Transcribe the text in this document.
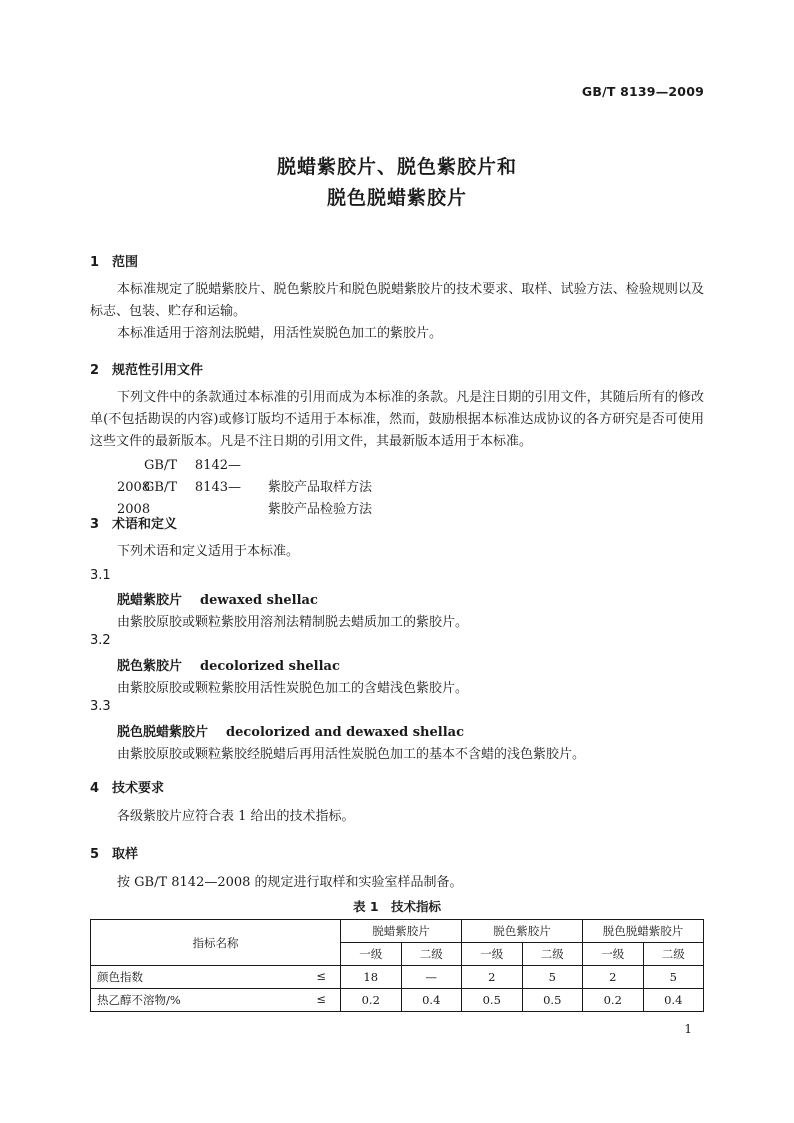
GB/T 8139—2009
脱蜡紫胶片、脱色紫胶片和
脱色脱蜡紫胶片
1 范围
本标准规定了脱蜡紫胶片、脱色紫胶片和脱色脱蜡紫胶片的技术要求、取样、试验方法、检验规则以及标志、包装、贮存和运输。
本标准适用于溶剂法脱蜡，用活性炭脱色加工的紫胶片。
2 规范性引用文件
下列文件中的条款通过本标准的引用而成为本标准的条款。凡是注日期的引用文件，其随后所有的修改单(不包括勘误的内容)或修订版均不适用于本标准，然而，鼓励根据本标准达成协议的各方研究是否可使用这些文件的最新版本。凡是不注日期的引用文件，其最新版本适用于本标准。
GB/T 8142—2008	紫胶产品取样方法
GB/T 8143—2008	紫胶产品检验方法
3 术语和定义
下列术语和定义适用于本标准。
3.1
脱蜡紫胶片 dewaxed shellac
由紫胶原胶或颗粒紫胶用溶剂法精制脱去蜡质加工的紫胶片。
3.2
脱色紫胶片 decolorized shellac
由紫胶原胶或颗粒紫胶用活性炭脱色加工的含蜡浅色紫胶片。
3.3
脱色脱蜡紫胶片 decolorized and dewaxed shellac
由紫胶原胶或颗粒紫胶经脱蜡后再用活性炭脱色加工的基本不含蜡的浅色紫胶片。
4 技术要求
各级紫胶片应符合表 1 给出的技术指标。
5 取样
按 GB/T 8142—2008 的规定进行取样和实验室样品制备。
表 1　技术指标
指标名称	脱蜡紫胶片		脱色紫胶片		脱色脱蜡紫胶片	
	一级	二级	一级	二级	一级	二级
颜色指数 ≤	18	—	2	5	2	5
热乙醇不溶物/% ≤	0.2	0.4	0.5	0.5	0.2	0.4
1
